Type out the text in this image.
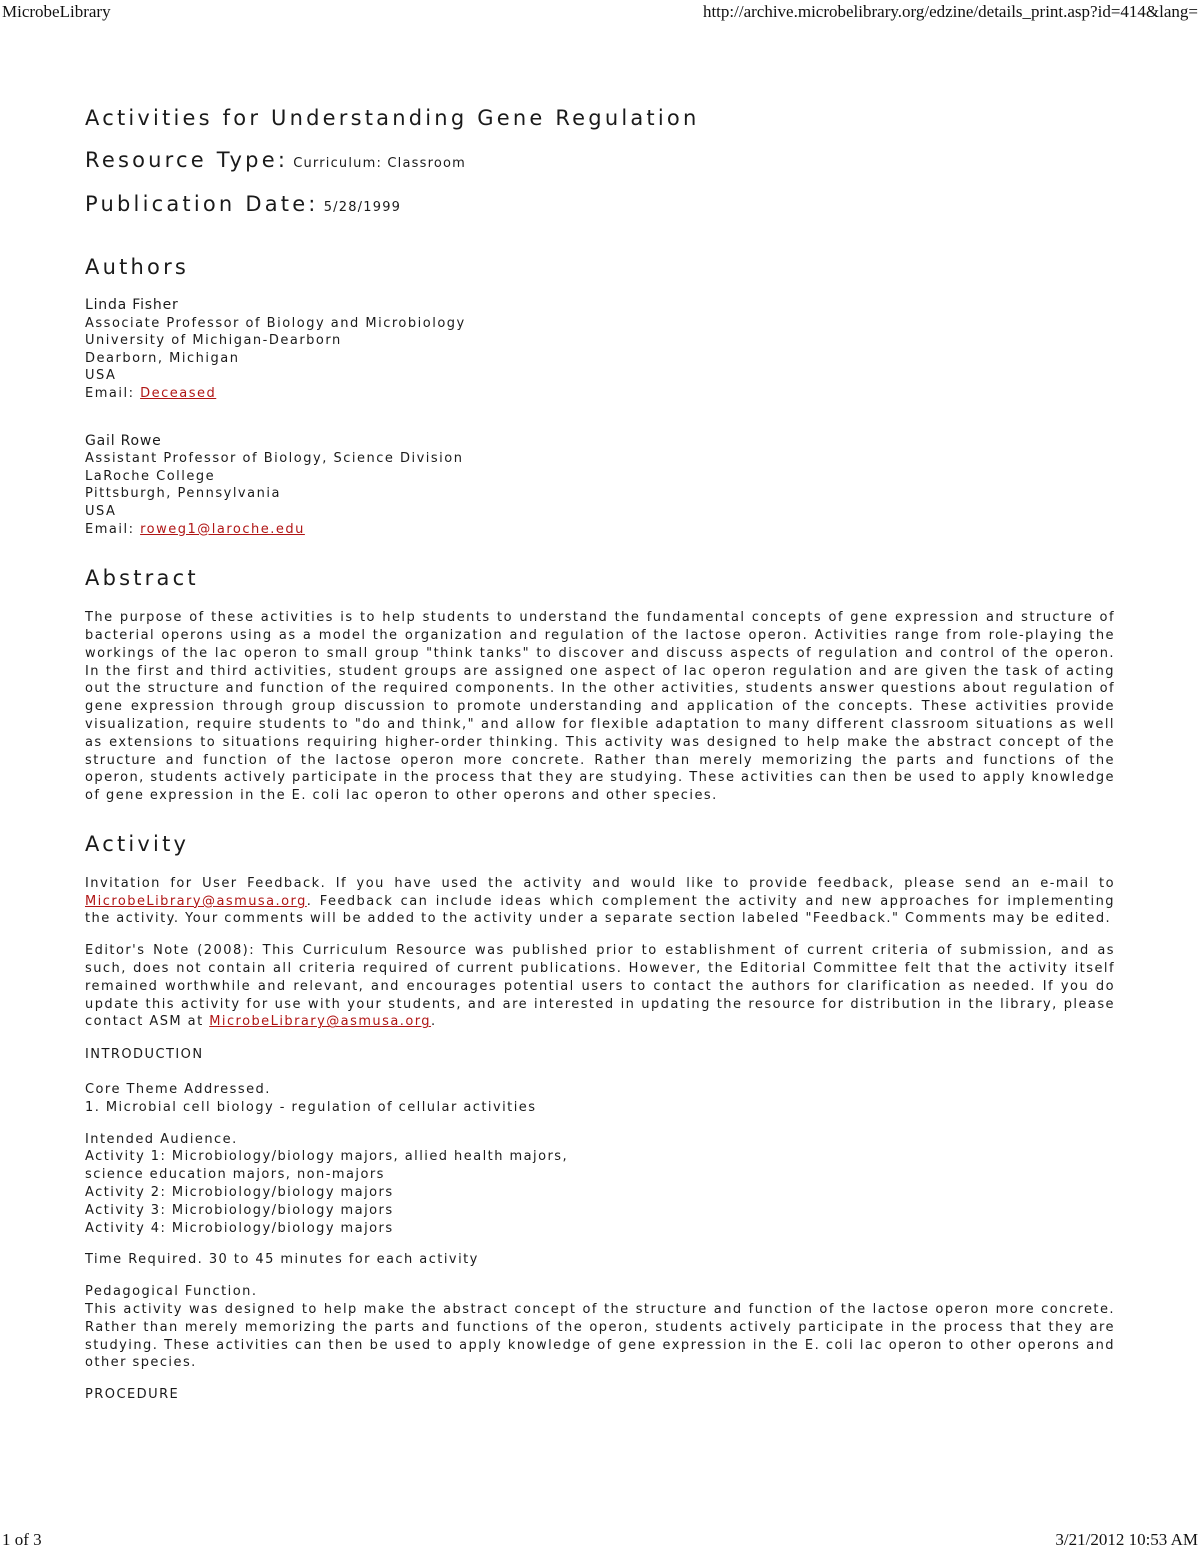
MicrobeLibrary	http://archive.microbelibrary.org/edzine/details_print.asp?id=414&lang=
Activities for Understanding Gene Regulation
Resource Type: Curriculum: Classroom
Publication Date: 5/28/1999
Authors
Linda Fisher
Associate Professor of Biology and Microbiology
University of Michigan-Dearborn
Dearborn, Michigan
USA
Email: Deceased
Gail Rowe
Assistant Professor of Biology, Science Division
LaRoche College
Pittsburgh, Pennsylvania
USA
Email: roweg1@laroche.edu
Abstract

The purpose of these activities is to help students to understand the fundamental concepts of gene expression and structure of bacterial operons using as a model the organization and regulation of the lactose operon. Activities range from role-playing the workings of the lac operon to small group "think tanks" to discover and discuss aspects of regulation and control of the operon. In the first and third activities, student groups are assigned one aspect of lac operon regulation and are given the task of acting out the structure and function of the required components. In the other activities, students answer questions about regulation of gene expression through group discussion to promote understanding and application of the concepts. These activities provide visualization, require students to "do and think," and allow for flexible adaptation to many different classroom situations as well as extensions to situations requiring higher-order thinking. This activity was designed to help make the abstract concept of the structure and function of the lactose operon more concrete. Rather than merely memorizing the parts and functions of the operon, students actively participate in the process that they are studying. These activities can then be used to apply knowledge of gene expression in the E. coli lac operon to other operons and other species.

Activity

Invitation for User Feedback. If you have used the activity and would like to provide feedback, please send an e-mail to MicrobeLibrary@asmusa.org. Feedback can include ideas which complement the activity and new approaches for implementing the activity. Your comments will be added to the activity under a separate section labeled "Feedback." Comments may be edited.

Editor's Note (2008): This Curriculum Resource was published prior to establishment of current criteria of submission, and as such, does not contain all criteria required of current publications. However, the Editorial Committee felt that the activity itself remained worthwhile and relevant, and encourages potential users to contact the authors for clarification as needed. If you do update this activity for use with your students, and are interested in updating the resource for distribution in the library, please contact ASM at MicrobeLibrary@asmusa.org.

INTRODUCTION
Core Theme Addressed.
1. Microbial cell biology - regulation of cellular activities
Intended Audience.
Activity 1: Microbiology/biology majors, allied health majors,
science education majors, non-majors
Activity 2: Microbiology/biology majors
Activity 3: Microbiology/biology majors
Activity 4: Microbiology/biology majors
Time Required. 30 to 45 minutes for each activity
Pedagogical Function.

This activity was designed to help make the abstract concept of the structure and function of the lactose operon more concrete. Rather than merely memorizing the parts and functions of the operon, students actively participate in the process that they are studying. These activities can then be used to apply knowledge of gene expression in the E. coli lac operon to other operons and other species.

PROCEDURE
1 of 3	3/21/2012 10:53 AM
